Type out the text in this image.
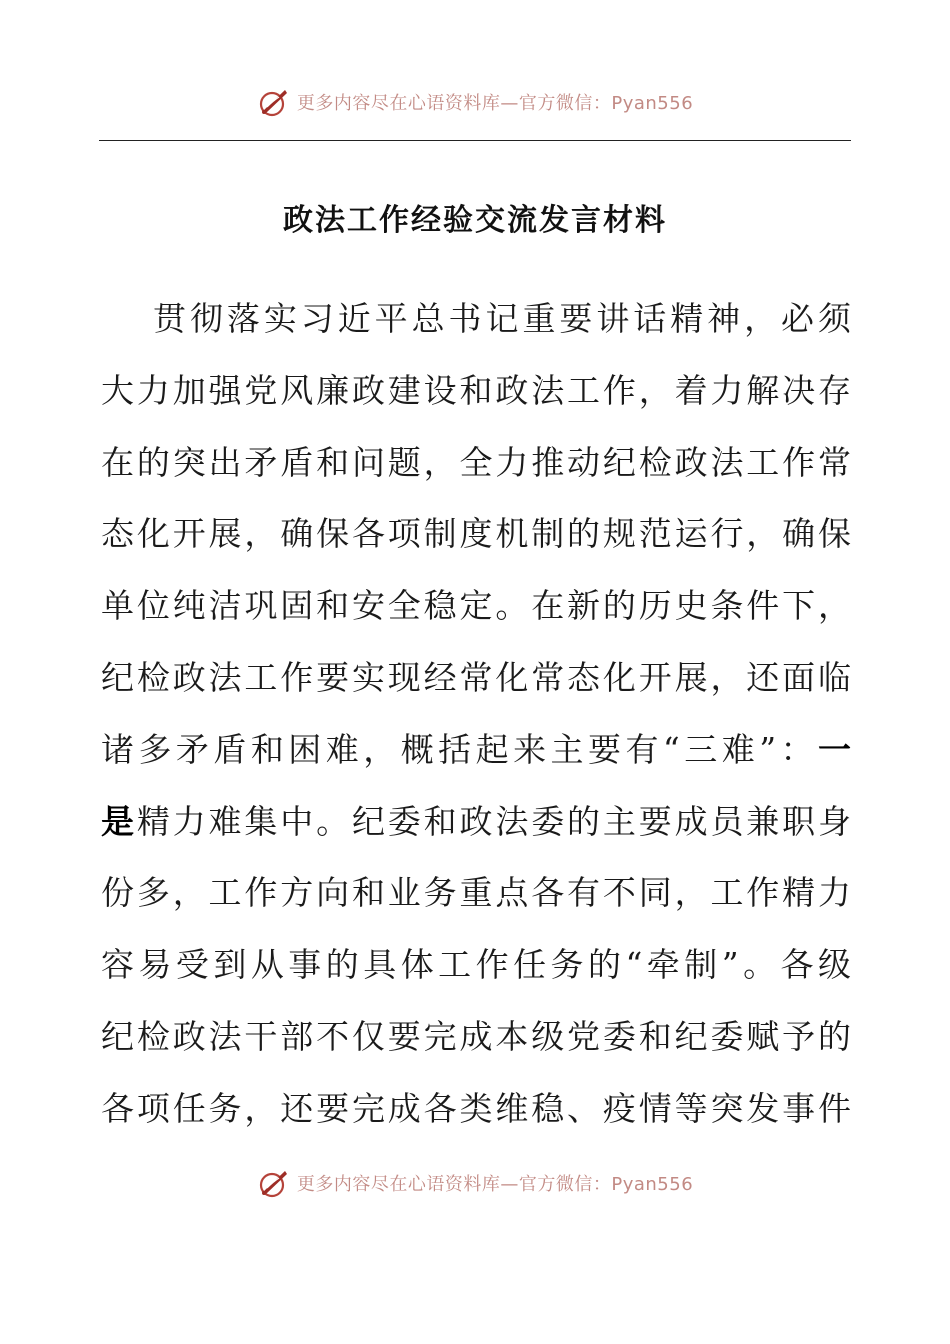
更多内容尽在心语资料库—官方微信：Pyan556
政法工作经验交流发言材料
贯彻落实习近平总书记重要讲话精神，必须
大力加强党风廉政建设和政法工作，着力解决存
在的突出矛盾和问题，全力推动纪检政法工作常
态化开展，确保各项制度机制的规范运行，确保
单位纯洁巩固和安全稳定。在新的历史条件下，
纪检政法工作要实现经常化常态化开展，还面临
诸多矛盾和困难，概括起来主要有“三难”：一
是精力难集中。纪委和政法委的主要成员兼职身
份多，工作方向和业务重点各有不同，工作精力
容易受到从事的具体工作任务的“牵制”。各级
纪检政法干部不仅要完成本级党委和纪委赋予的
各项任务，还要完成各类维稳、疫情等突发事件
更多内容尽在心语资料库—官方微信：Pyan556
